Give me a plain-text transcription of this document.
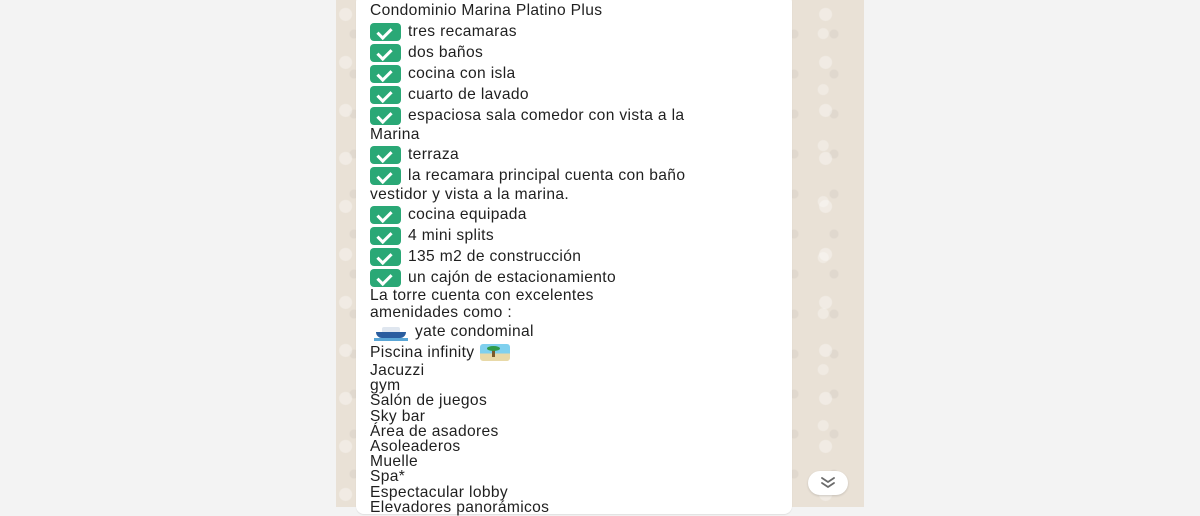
Condominio Marina Platino Plus
tres recamaras
dos baños
cocina con isla
cuarto de lavado
espaciosa sala comedor con vista a la
Marina
terraza
la recamara principal cuenta con baño
vestidor y vista a la marina.
cocina equipada
4 mini splits
135 m2 de construcción
un cajón de estacionamiento
La torre cuenta con excelentes
amenidades como :
yate condominal
Piscina infinity
Jacuzzi
gym
Salón de juegos
Sky bar
Área de asadores
Asoleaderos
Muelle
Spa*
Espectacular lobby
Elevadores panorámicos
